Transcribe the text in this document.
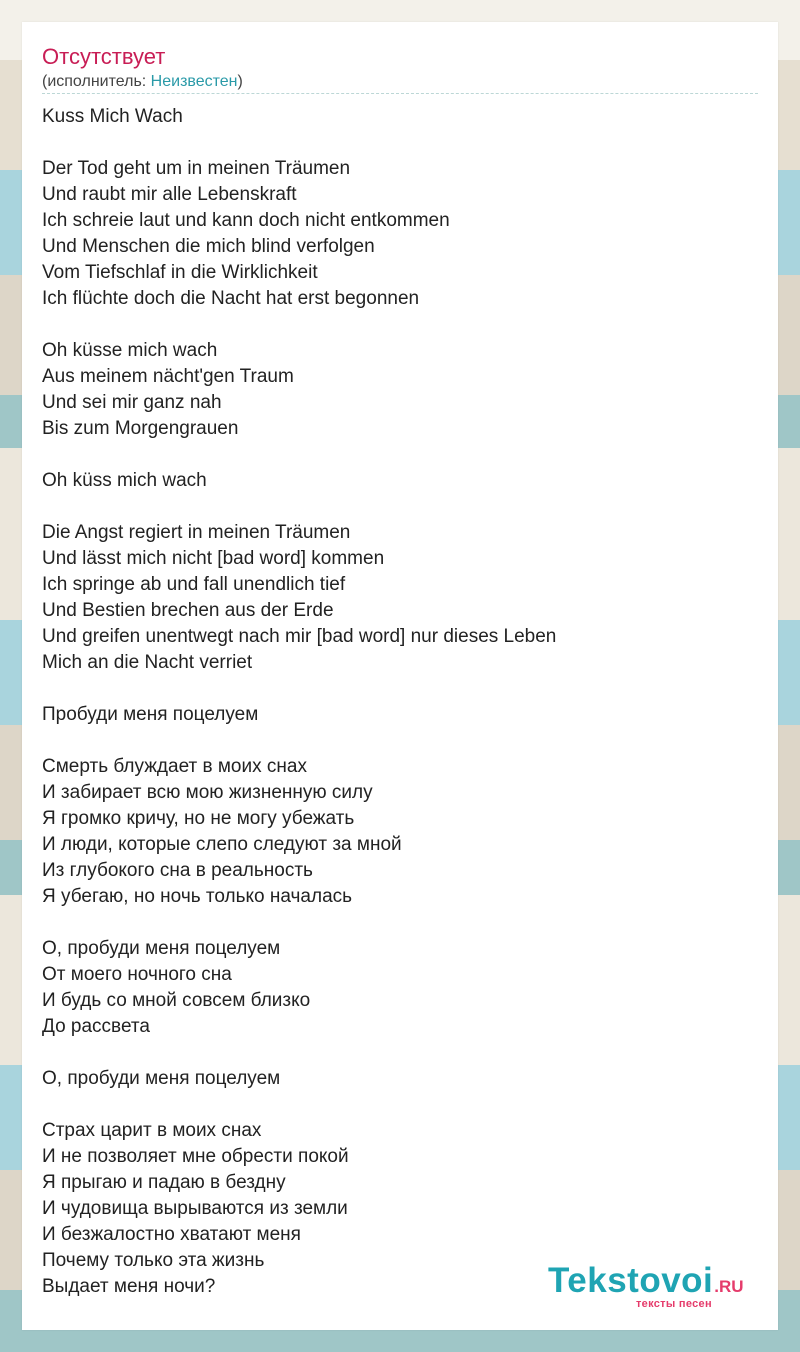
Отсутствует
(исполнитель: Неизвестен)
Kuss Mich Wach

Der Tod geht um in meinen Träumen
Und raubt mir alle Lebenskraft
Ich schreie laut und kann doch nicht entkommen
Und Menschen die mich blind verfolgen
Vom Tiefschlaf in die Wirklichkeit
Ich flüchte doch die Nacht hat erst begonnen

Oh küsse mich wach
Aus meinem nächt'gen Traum
Und sei mir ganz nah
Bis zum Morgengrauen

Oh küss mich wach

Die Angst regiert in meinen Träumen
Und lässt mich nicht [bad word] kommen
Ich springe ab und fall unendlich tief
Und Bestien brechen aus der Erde
Und greifen unentwegt nach mir [bad word] nur dieses Leben
Mich an die Nacht verriet

Пробуди меня поцелуем

Смерть блуждает в моих снах
И забирает всю мою жизненную силу
Я громко кричу, но не могу убежать
И люди, которые слепо следуют за мной
Из глубокого сна в реальность
Я убегаю, но ночь только началась

О, пробуди меня поцелуем
От моего ночного сна
И будь со мной совсем близко
До рассвета

О, пробуди меня поцелуем

Страх царит в моих снах
И не позволяет мне обрести покой
Я прыгаю и падаю в бездну
И чудовища вырываются из земли
И безжалостно хватают меня
Почему только эта жизнь
Выдает меня ночи?	Tekstovoi.RU
тексты песен
